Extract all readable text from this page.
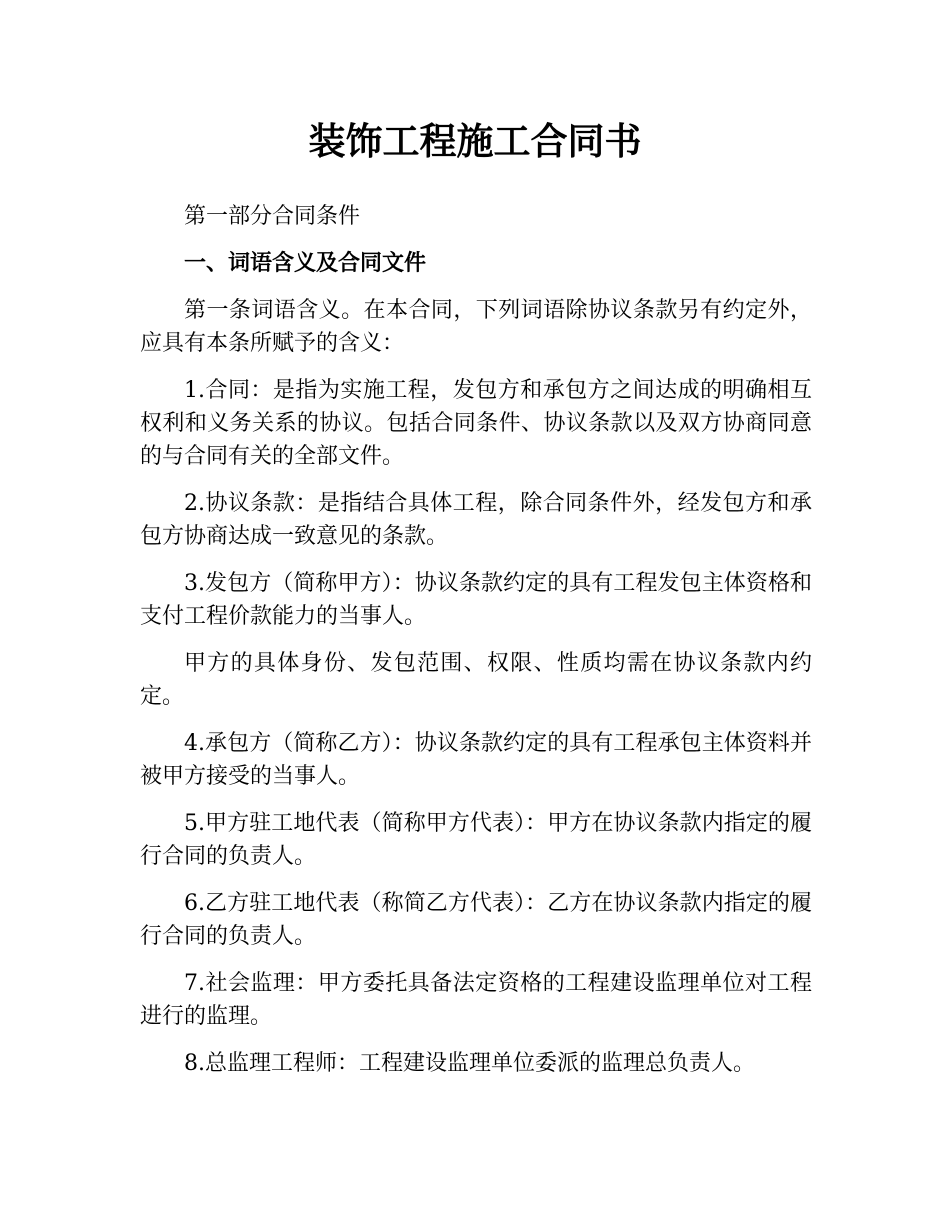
装饰工程施工合同书

第一部分合同条件

一、词语含义及合同文件

第一条词语含义。在本合同，下列词语除协议条款另有约定外，应具有本条所赋予的含义：

1.合同：是指为实施工程，发包方和承包方之间达成的明确相互权利和义务关系的协议。包括合同条件、协议条款以及双方协商同意的与合同有关的全部文件。

2.协议条款：是指结合具体工程，除合同条件外，经发包方和承包方协商达成一致意见的条款。

3.发包方（简称甲方）：协议条款约定的具有工程发包主体资格和支付工程价款能力的当事人。

甲方的具体身份、发包范围、权限、性质均需在协议条款内约定。

4.承包方（简称乙方）：协议条款约定的具有工程承包主体资料并被甲方接受的当事人。

5.甲方驻工地代表（简称甲方代表）：甲方在协议条款内指定的履行合同的负责人。

6.乙方驻工地代表（称简乙方代表）：乙方在协议条款内指定的履行合同的负责人。

7.社会监理：甲方委托具备法定资格的工程建设监理单位对工程进行的监理。

8.总监理工程师：工程建设监理单位委派的监理总负责人。
